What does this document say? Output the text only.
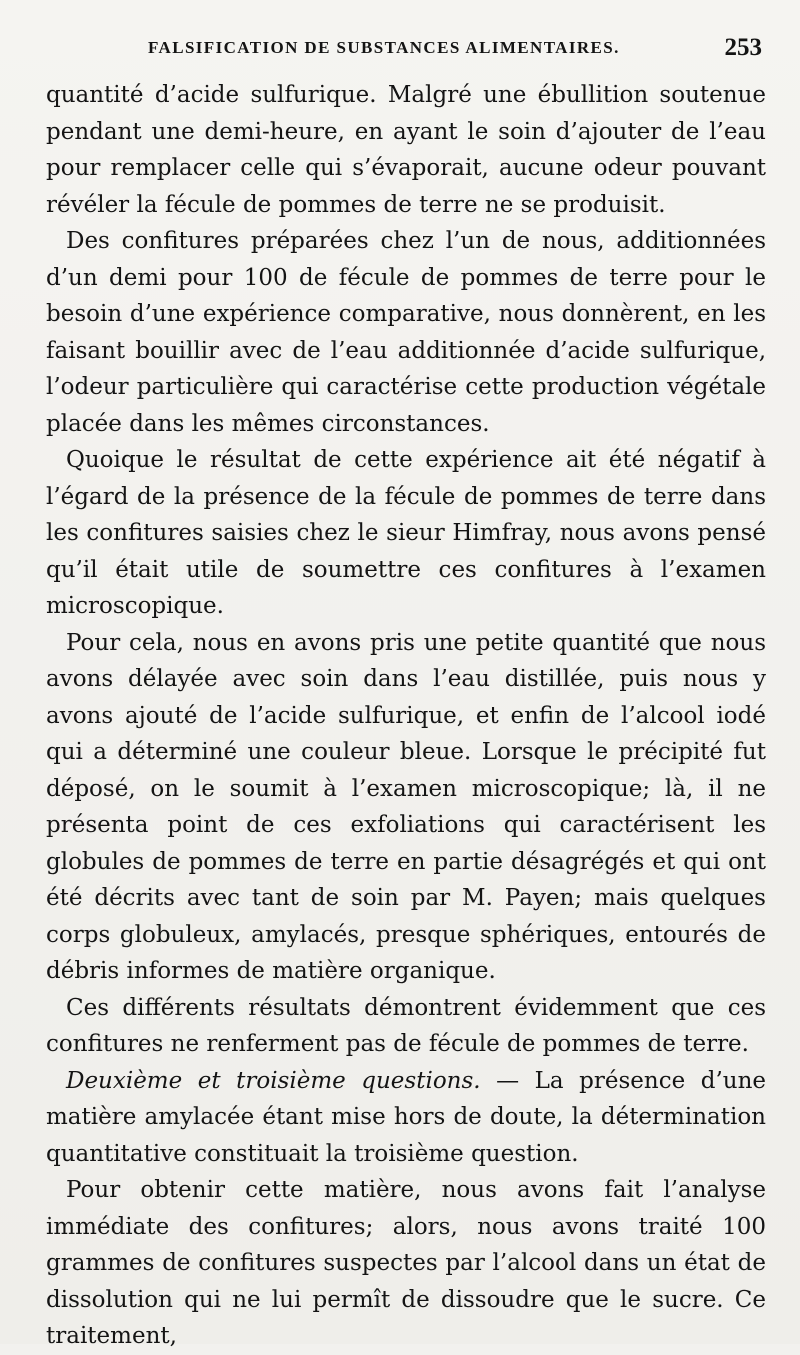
FALSIFICATION DE SUBSTANCES ALIMENTAIRES.	253

quantité d’acide sulfurique. Malgré une ébullition soutenue pendant une demi-heure, en ayant le soin d’ajouter de l’eau pour remplacer celle qui s’évaporait, aucune odeur pouvant révéler la fécule de pommes de terre ne se produisit.

Des confitures préparées chez l’un de nous, additionnées d’un demi pour 100 de fécule de pommes de terre pour le besoin d’une expérience comparative, nous donnèrent, en les faisant bouillir avec de l’eau additionnée d’acide sulfurique, l’odeur particulière qui caractérise cette production végétale placée dans les mêmes circonstances.

Quoique le résultat de cette expérience ait été négatif à l’égard de la présence de la fécule de pommes de terre dans les confitures saisies chez le sieur Himfray, nous avons pensé qu’il était utile de soumettre ces confitures à l’examen microscopique.

Pour cela, nous en avons pris une petite quantité que nous avons délayée avec soin dans l’eau distillée, puis nous y avons ajouté de l’acide sulfurique, et enfin de l’alcool iodé qui a déterminé une couleur bleue. Lorsque le précipité fut déposé, on le soumit à l’examen microscopique; là, il ne présenta point de ces exfoliations qui caractérisent les globules de pommes de terre en partie désagrégés et qui ont été décrits avec tant de soin par M. Payen; mais quelques corps globuleux, amylacés, presque sphériques, entourés de débris informes de matière organique.

Ces différents résultats démontrent évidemment que ces confitures ne renferment pas de fécule de pommes de terre.

Deuxième et troisième questions. — La présence d’une matière amylacée étant mise hors de doute, la détermination quantitative constituait la troisième question.

Pour obtenir cette matière, nous avons fait l’analyse immédiate des confitures; alors, nous avons traité 100 grammes de confitures suspectes par l’alcool dans un état de dissolution qui ne lui permît de dissoudre que le sucre. Ce traitement,
